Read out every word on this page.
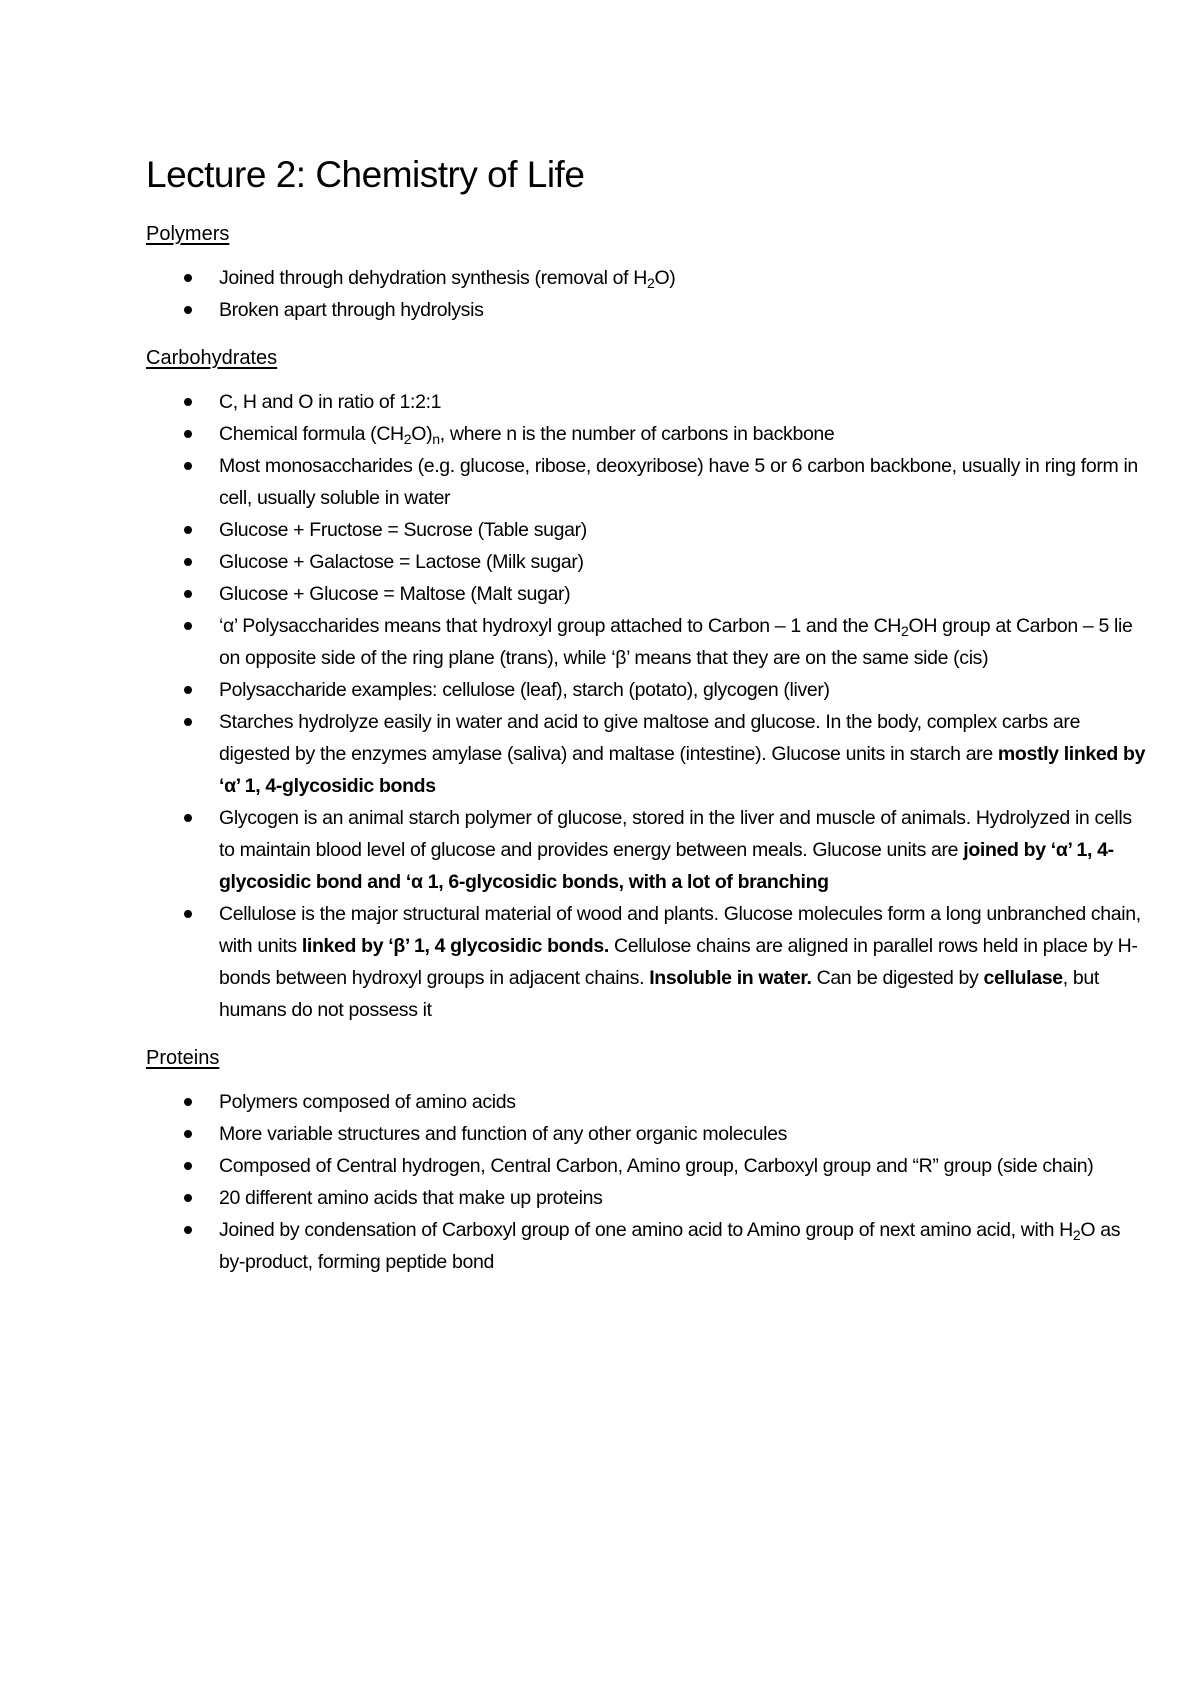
Lecture 2: Chemistry of Life
Polymers
Joined through dehydration synthesis (removal of $H_2O$)
Broken apart through hydrolysis
Carbohydrates
C, H and O in ratio of 1:2:1
Chemical formula $(CH_2O)_n$, where n is the number of carbons in backbone
Most monosaccharides (e.g. glucose, ribose, deoxyribose) have 5 or 6 carbon backbone, usually in ring form in cell, usually soluble in water
Glucose + Fructose = Sucrose (Table sugar)
Glucose + Galactose = Lactose (Milk sugar)
Glucose + Glucose = Maltose (Malt sugar)
‘α’ Polysaccharides means that hydroxyl group attached to Carbon – 1 and the $CH_2OH$ group at Carbon – 5 lie on opposite side of the ring plane (trans), while ‘β’ means that they are on the same side (cis)
Polysaccharide examples: cellulose (leaf), starch (potato), glycogen (liver)
Starches hydrolyze easily in water and acid to give maltose and glucose. In the body, complex carbs are digested by the enzymes amylase (saliva) and maltase (intestine). Glucose units in starch are mostly linked by ‘α’ 1, 4-glycosidic bonds
Glycogen is an animal starch polymer of glucose, stored in the liver and muscle of animals. Hydrolyzed in cells to maintain blood level of glucose and provides energy between meals. Glucose units are joined by ‘α’ 1, 4-glycosidic bond and ‘α 1, 6-glycosidic bonds, with a lot of branching
Cellulose is the major structural material of wood and plants. Glucose molecules form a long unbranched chain, with units linked by ‘β’ 1, 4 glycosidic bonds. Cellulose chains are aligned in parallel rows held in place by H-bonds between hydroxyl groups in adjacent chains. Insoluble in water. Can be digested by cellulase, but humans do not possess it
Proteins
Polymers composed of amino acids
More variable structures and function of any other organic molecules
Composed of Central hydrogen, Central Carbon, Amino group, Carboxyl group and “R” group (side chain)
20 different amino acids that make up proteins
Joined by condensation of Carboxyl group of one amino acid to Amino group of next amino acid, with $H_2O$ as by-product, forming peptide bond
